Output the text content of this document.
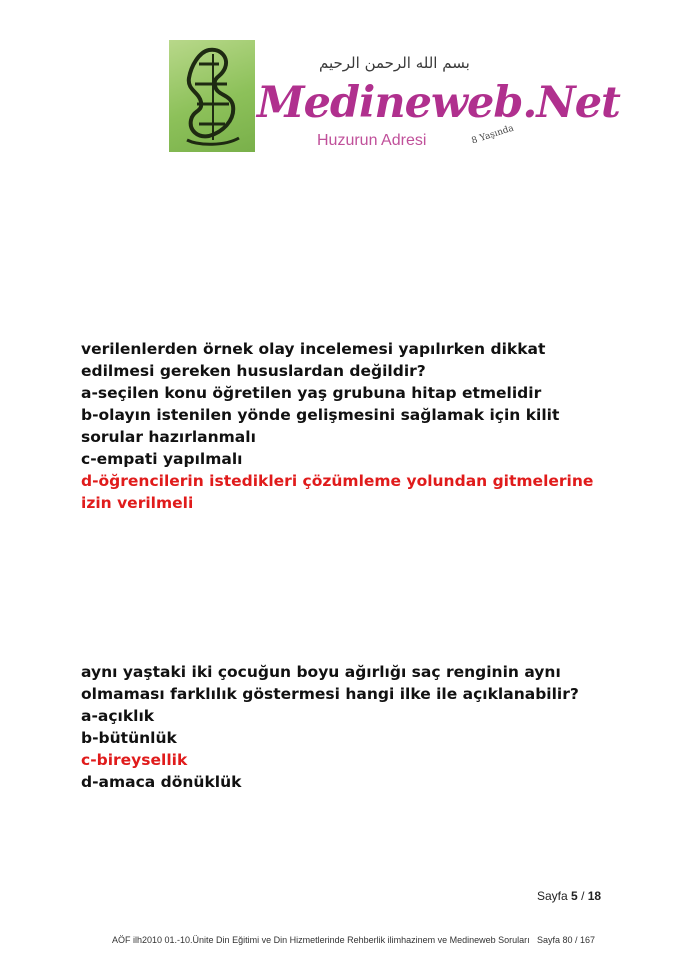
بسم الله الرحمن الرحيم
Medineweb.Net
Huzurun Adresi	8 Yaşında
verilenlerden örnek olay incelemesi yapılırken dikkat
edilmesi gereken hususlardan değildir?
a-seçilen konu öğretilen yaş grubuna hitap etmelidir
b-olayın istenilen yönde gelişmesini sağlamak için kilit
sorular hazırlanmalı
c-empati yapılmalı
d-öğrencilerin istedikleri çözümleme yolundan gitmelerine
izin verilmeli
aynı yaştaki iki çocuğun boyu ağırlığı saç renginin aynı
olmaması farklılık göstermesi hangi ilke ile açıklanabilir?
a-açıklık
b-bütünlük
c-bireysellik
d-amaca dönüklük
Sayfa 5 / 18
AÖF ilh2010 01.-10.Ünite Din Eğitimi ve Din Hizmetlerinde Rehberlik ilimhazinem ve Medineweb Soruları Sayfa 80 / 167
